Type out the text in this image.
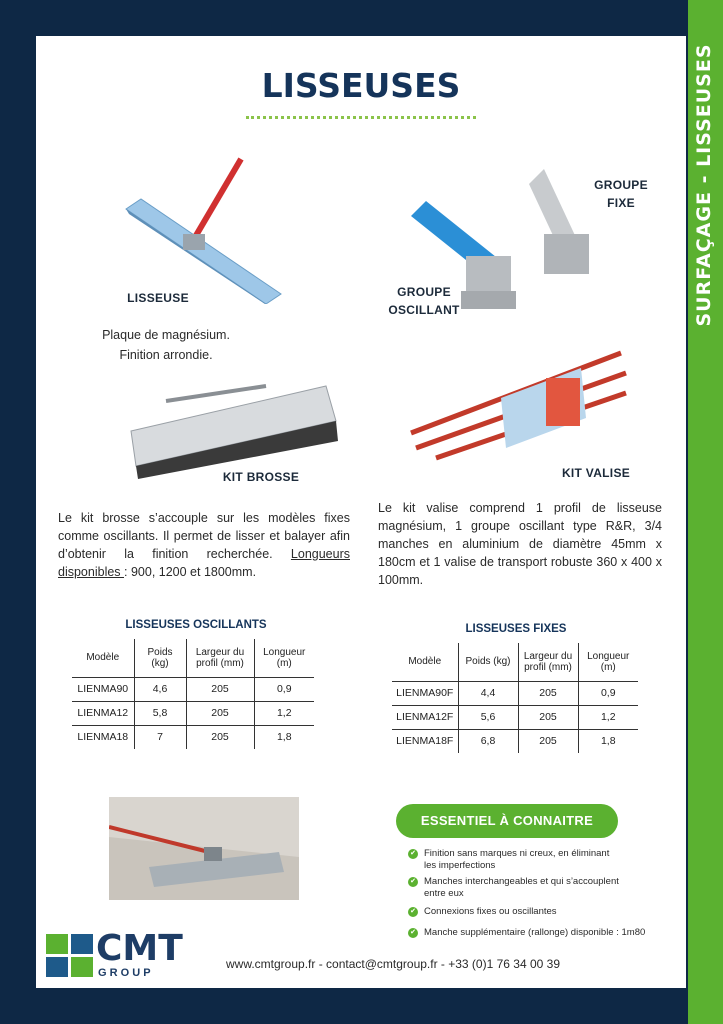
SURFAÇAGE - LISSEUSES
LISSEUSES
LISSEUSE
Plaque de magnésium.
Finition arrondie.
GROUPE
FIXE
GROUPE
OSCILLANT
KIT BROSSE
Le kit brosse s’accouple sur les modèles fixes comme oscillants. Il permet de lisser et balayer afin d’obtenir la finition recherchée. Longueurs disponibles : 900, 1200 et 1800mm.
KIT VALISE
Le kit valise comprend 1 profil de lisseuse magnésium, 1 groupe oscillant type R&R, 3/4 manches en aluminium de diamètre 45mm x 180cm et 1 valise de transport robuste 360 x 400 x 100mm.
LISSEUSES OSCILLANTS
Modèle	Poids (kg)	Largeur du profil (mm)	Longueur (m)
LIENMA90	4,6	205	0,9
LIENMA12	5,8	205	1,2
LIENMA18	7	205	1,8
LISSEUSES FIXES
Modèle	Poids (kg)	Largeur du profil (mm)	Longueur (m)
LIENMA90F	4,4	205	0,9
LIENMA12F	5,6	205	1,2
LIENMA18F	6,8	205	1,8
CMT
G R O U P
ESSENTIEL À CONNAITRE
✔ Finition sans marques ni creux, en éliminant les imperfections
✔ Manches interchangeables et qui s’accouplent entre eux
✔ Connexions fixes ou oscillantes
✔ Manche supplémentaire (rallonge) disponible : 1m80
www.cmtgroup.fr - contact@cmtgroup.fr - +33 (0)1 76 34 00 39
